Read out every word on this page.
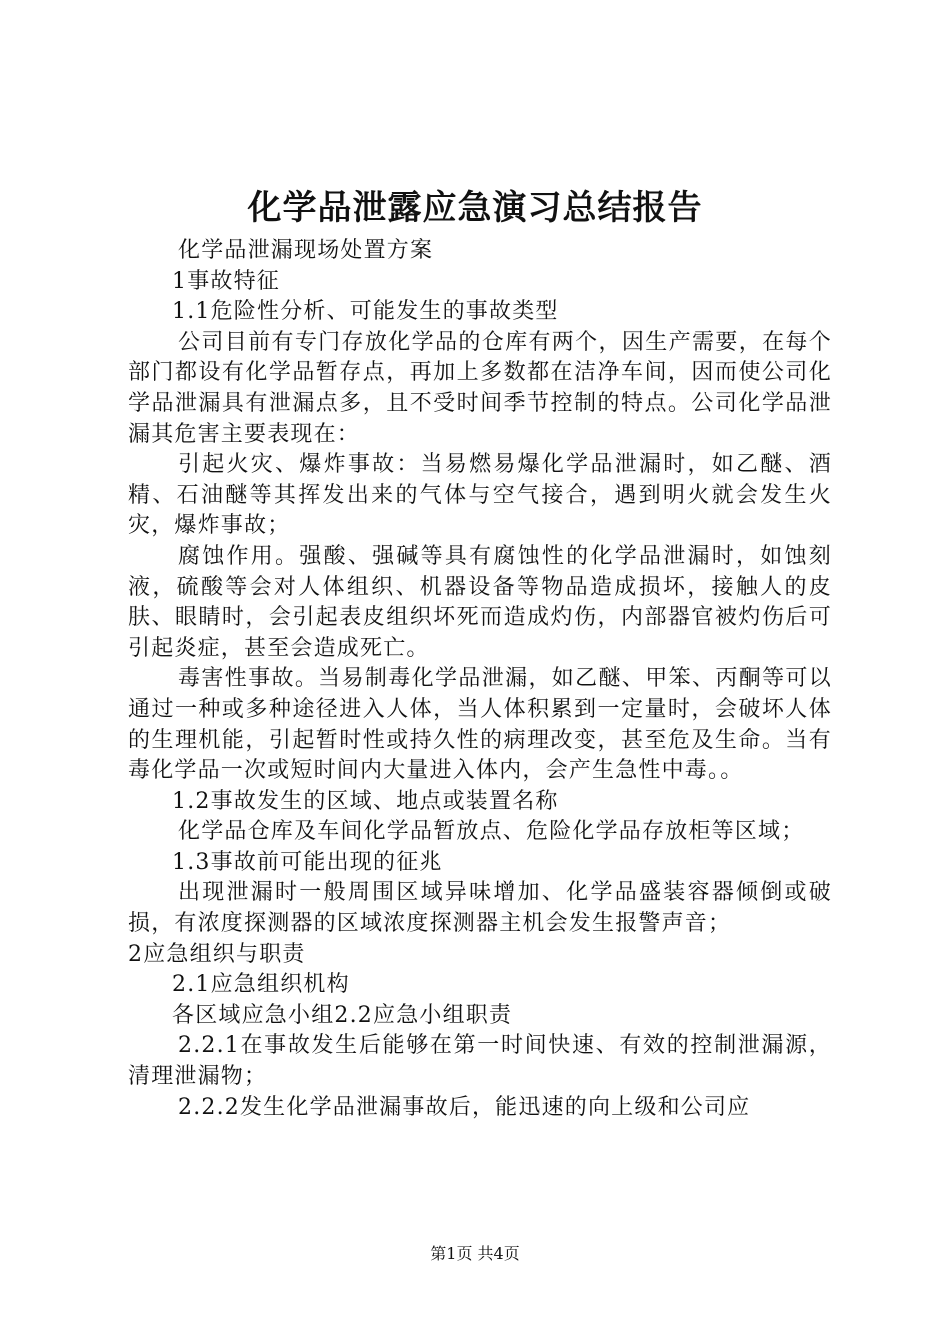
化学品泄露应急演习总结报告

化学品泄漏现场处置方案

1事故特征

1.1危险性分析、可能发生的事故类型

公司目前有专门存放化学品的仓库有两个，因生产需要，在每个部门都设有化学品暂存点，再加上多数都在洁净车间，因而使公司化学品泄漏具有泄漏点多，且不受时间季节控制的特点。公司化学品泄漏其危害主要表现在：

引起火灾、爆炸事故：当易燃易爆化学品泄漏时，如乙醚、酒精、石油醚等其挥发出来的气体与空气接合，遇到明火就会发生火灾，爆炸事故；

腐蚀作用。强酸、强碱等具有腐蚀性的化学品泄漏时，如蚀刻液，硫酸等会对人体组织、机器设备等物品造成损坏，接触人的皮肤、眼睛时，会引起表皮组织坏死而造成灼伤，内部器官被灼伤后可引起炎症，甚至会造成死亡。

毒害性事故。当易制毒化学品泄漏，如乙醚、甲笨、丙酮等可以通过一种或多种途径进入人体，当人体积累到一定量时，会破坏人体的生理机能，引起暂时性或持久性的病理改变，甚至危及生命。当有毒化学品一次或短时间内大量进入体内，会产生急性中毒。。

1.2事故发生的区域、地点或装置名称

化学品仓库及车间化学品暂放点、危险化学品存放柜等区域；

1.3事故前可能出现的征兆

出现泄漏时一般周围区域异味增加、化学品盛装容器倾倒或破损，有浓度探测器的区域浓度探测器主机会发生报警声音；

2应急组织与职责

2.1应急组织机构

各区域应急小组2.2应急小组职责

2.2.1在事故发生后能够在第一时间快速、有效的控制泄漏源，清理泄漏物；

2.2.2发生化学品泄漏事故后，能迅速的向上级和公司应

第1页 共4页
